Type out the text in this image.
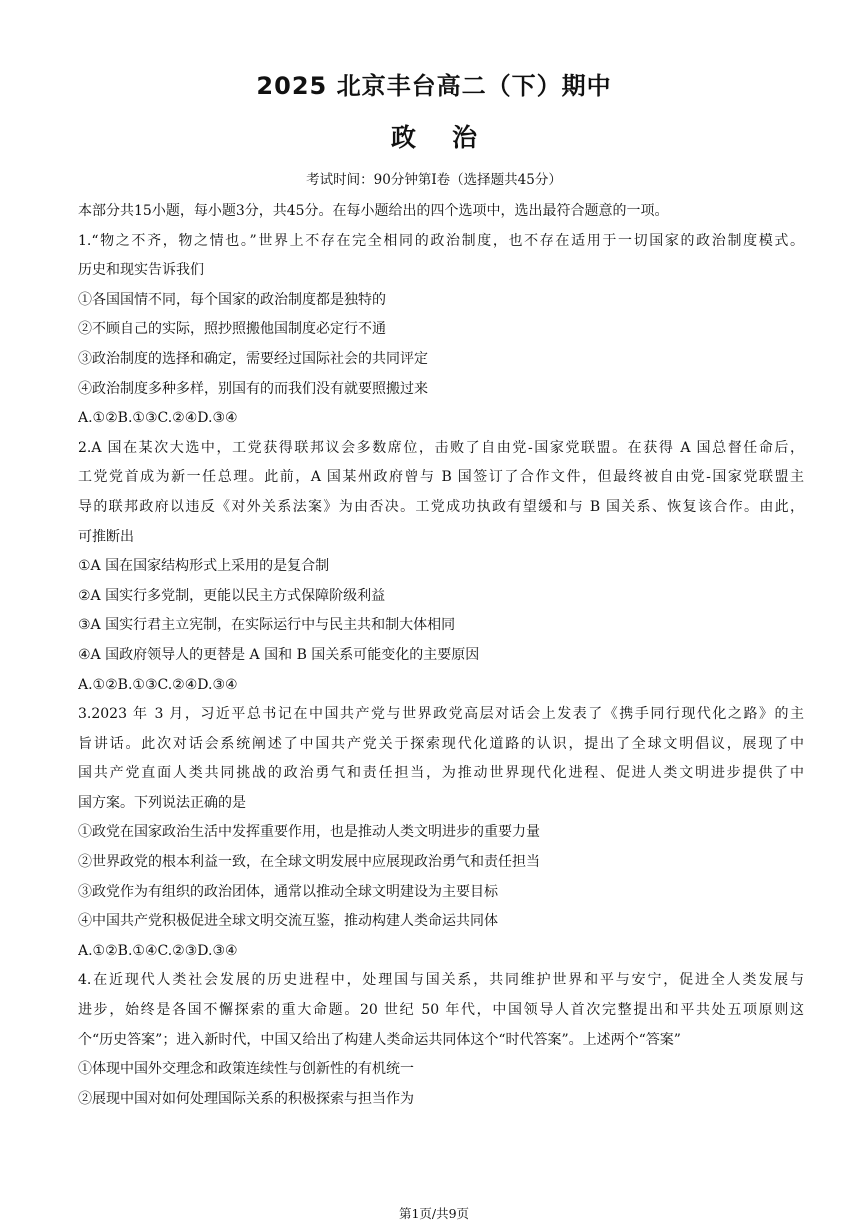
2025 北京丰台高二（下）期中
政治
考试时间：90分钟第Ⅰ卷（选择题共45分）
本部分共15小题，每小题3分，共45分。在每小题给出的四个选项中，选出最符合题意的一项。
1.“物之不齐，物之情也。”世界上不存在完全相同的政治制度，也不存在适用于一切国家的政治制度模式。
历史和现实告诉我们
①各国国情不同，每个国家的政治制度都是独特的
②不顾自己的实际，照抄照搬他国制度必定行不通
③政治制度的选择和确定，需要经过国际社会的共同评定
④政治制度多种多样，别国有的而我们没有就要照搬过来
A.①②B.①③C.②④D.③④
2.A 国在某次大选中，工党获得联邦议会多数席位，击败了自由党-国家党联盟。在获得 A 国总督任命后，
工党党首成为新一任总理。此前，A 国某州政府曾与 B 国签订了合作文件，但最终被自由党-国家党联盟主
导的联邦政府以违反《对外关系法案》为由否决。工党成功执政有望缓和与 B 国关系、恢复该合作。由此，
可推断出
①A 国在国家结构形式上采用的是复合制
②A 国实行多党制，更能以民主方式保障阶级利益
③A 国实行君主立宪制，在实际运行中与民主共和制大体相同
④A 国政府领导人的更替是 A 国和 B 国关系可能变化的主要原因
A.①②B.①③C.②④D.③④
3.2023 年 3 月，习近平总书记在中国共产党与世界政党高层对话会上发表了《携手同行现代化之路》的主
旨讲话。此次对话会系统阐述了中国共产党关于探索现代化道路的认识，提出了全球文明倡议，展现了中
国共产党直面人类共同挑战的政治勇气和责任担当，为推动世界现代化进程、促进人类文明进步提供了中
国方案。下列说法正确的是
①政党在国家政治生活中发挥重要作用，也是推动人类文明进步的重要力量
②世界政党的根本利益一致，在全球文明发展中应展现政治勇气和责任担当
③政党作为有组织的政治团体，通常以推动全球文明建设为主要目标
④中国共产党积极促进全球文明交流互鉴，推动构建人类命运共同体
A.①②B.①④C.②③D.③④
4.在近现代人类社会发展的历史进程中，处理国与国关系，共同维护世界和平与安宁，促进全人类发展与
进步，始终是各国不懈探索的重大命题。20 世纪 50 年代，中国领导人首次完整提出和平共处五项原则这
个“历史答案”；进入新时代，中国又给出了构建人类命运共同体这个“时代答案”。上述两个“答案”
①体现中国外交理念和政策连续性与创新性的有机统一
②展现中国对如何处理国际关系的积极探索与担当作为
第1页/共9页
